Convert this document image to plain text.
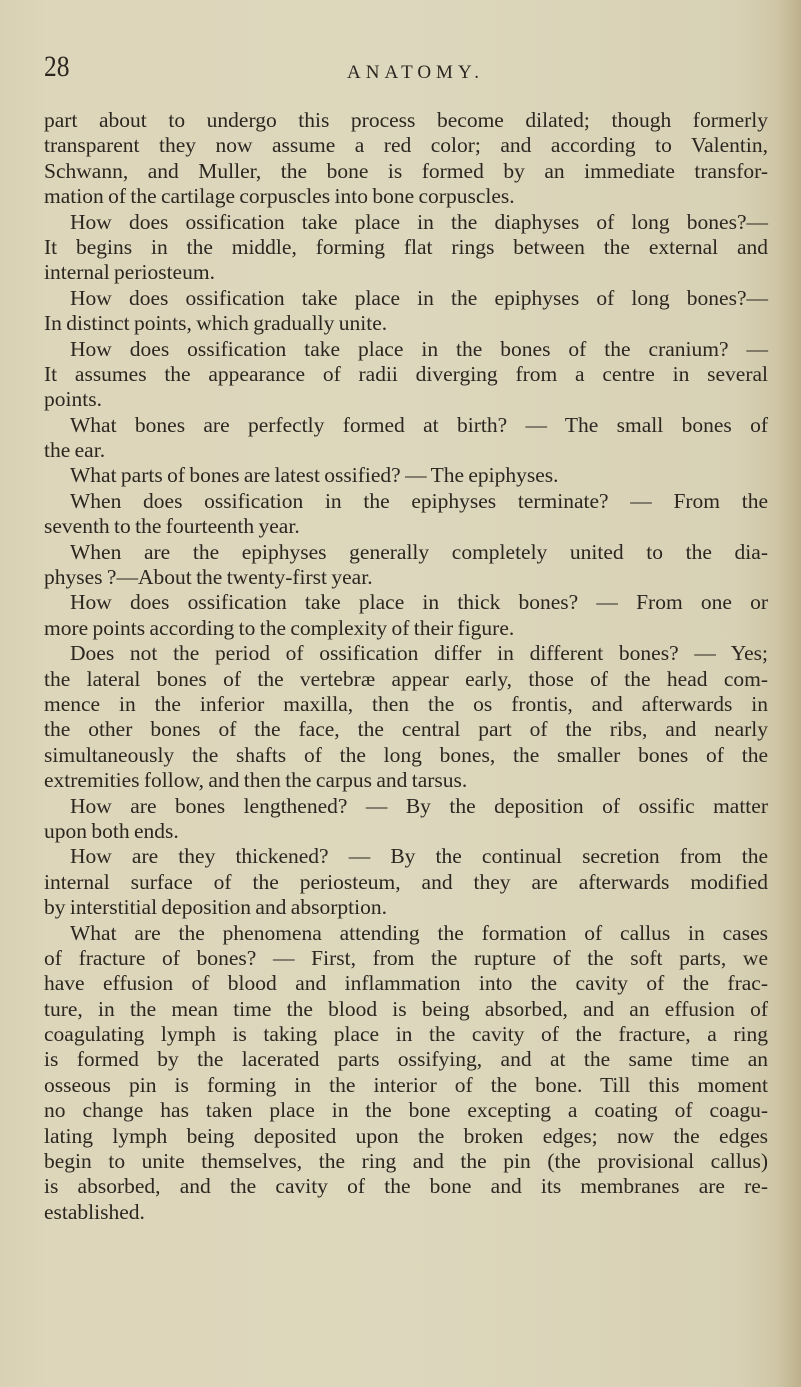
28	ANATOMY.
part about to undergo this process become dilated; though formerly
transparent they now assume a red color; and according to Valentin,
Schwann, and Muller, the bone is formed by an immediate transfor-
mation of the cartilage corpuscles into bone corpuscles.
How does ossification take place in the diaphyses of long bones?—
It begins in the middle, forming flat rings between the external and
internal periosteum.
How does ossification take place in the epiphyses of long bones?—
In distinct points, which gradually unite.
How does ossification take place in the bones of the cranium? —
It assumes the appearance of radii diverging from a centre in several
points.
What bones are perfectly formed at birth? — The small bones of
the ear.
What parts of bones are latest ossified? — The epiphyses.
When does ossification in the epiphyses terminate? — From the
seventh to the fourteenth year.
When are the epiphyses generally completely united to the dia-
physes ?—About the twenty-first year.
How does ossification take place in thick bones? — From one or
more points according to the complexity of their figure.
Does not the period of ossification differ in different bones? — Yes;
the lateral bones of the vertebræ appear early, those of the head com-
mence in the inferior maxilla, then the os frontis, and afterwards in
the other bones of the face, the central part of the ribs, and nearly
simultaneously the shafts of the long bones, the smaller bones of the
extremities follow, and then the carpus and tarsus.
How are bones lengthened? — By the deposition of ossific matter
upon both ends.
How are they thickened? — By the continual secretion from the
internal surface of the periosteum, and they are afterwards modified
by interstitial deposition and absorption.
What are the phenomena attending the formation of callus in cases
of fracture of bones? — First, from the rupture of the soft parts, we
have effusion of blood and inflammation into the cavity of the frac-
ture, in the mean time the blood is being absorbed, and an effusion of
coagulating lymph is taking place in the cavity of the fracture, a ring
is formed by the lacerated parts ossifying, and at the same time an
osseous pin is forming in the interior of the bone. Till this moment
no change has taken place in the bone excepting a coating of coagu-
lating lymph being deposited upon the broken edges; now the edges
begin to unite themselves, the ring and the pin (the provisional callus)
is absorbed, and the cavity of the bone and its membranes are re-
established.
